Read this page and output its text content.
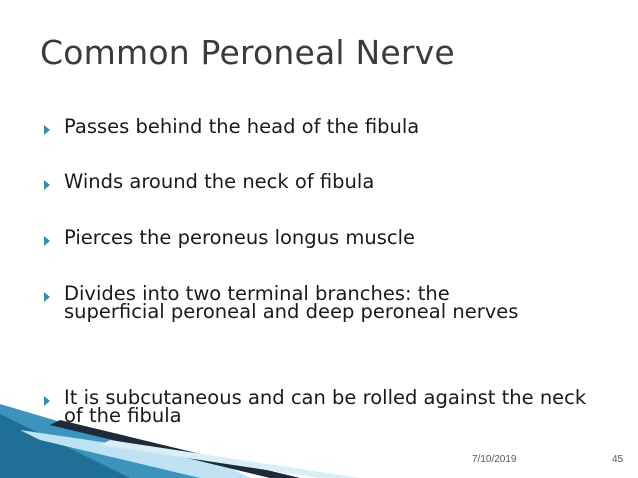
Common Peroneal Nerve
Passes behind the head of the fibula
Winds around the neck of fibula
Pierces the peroneus longus muscle
Divides into two terminal branches: the superficial peroneal and deep peroneal nerves
It is subcutaneous and can be rolled against the neck of the fibula
7/10/2019	45
